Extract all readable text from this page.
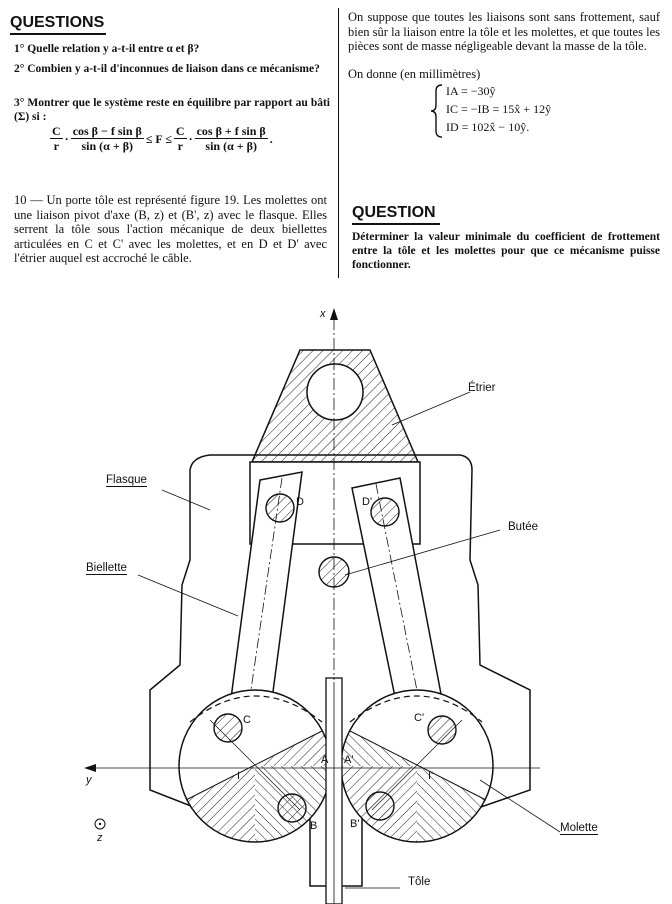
QUESTIONS
1° Quelle relation y a-t-il entre α et β?
2° Combien y a-t-il d'inconnues de liaison dans ce mécanisme?
3° Montrer que le système reste en équilibre par rapport au bâti (Σ) si :
$\frac{C}{r} \cdot \frac{\text{cos β − f sin β}}{\sin (\alpha + \beta)} \le F \le \frac{C}{r} \cdot \frac{\text{cos β + f sin β}}{\sin (\alpha + \beta)}$ .
10 — Un porte tôle est représenté figure 19. Les molettes ont une liaison pivot d'axe (B, z) et (B', z) avec le flasque. Elles serrent la tôle sous l'action mécanique de deux biellettes articulées en C et C' avec les molettes, et en D et D' avec l'étrier auquel est accroché le câble.
On suppose que toutes les liaisons sont sans frottement, sauf bien sûr la liaison entre la tôle et les molettes, et que toutes les pièces sont de masse négligeable devant la masse de la tôle.
On donne (en millimètres)
IA = −30ŷ
IC = −IB = 15x̂ + 12ŷ
ID = 102x̂ − 10ŷ.
QUESTION
Déterminer la valeur minimale du coefficient de frottement entre la tôle et les molettes pour que ce mécanisme puisse fonctionner.
Étrier
Flasque
Butée
Biellette
Molette
Tôle
x
y
z
D	D'
C	C'
A A'
I	I'
B	B'
